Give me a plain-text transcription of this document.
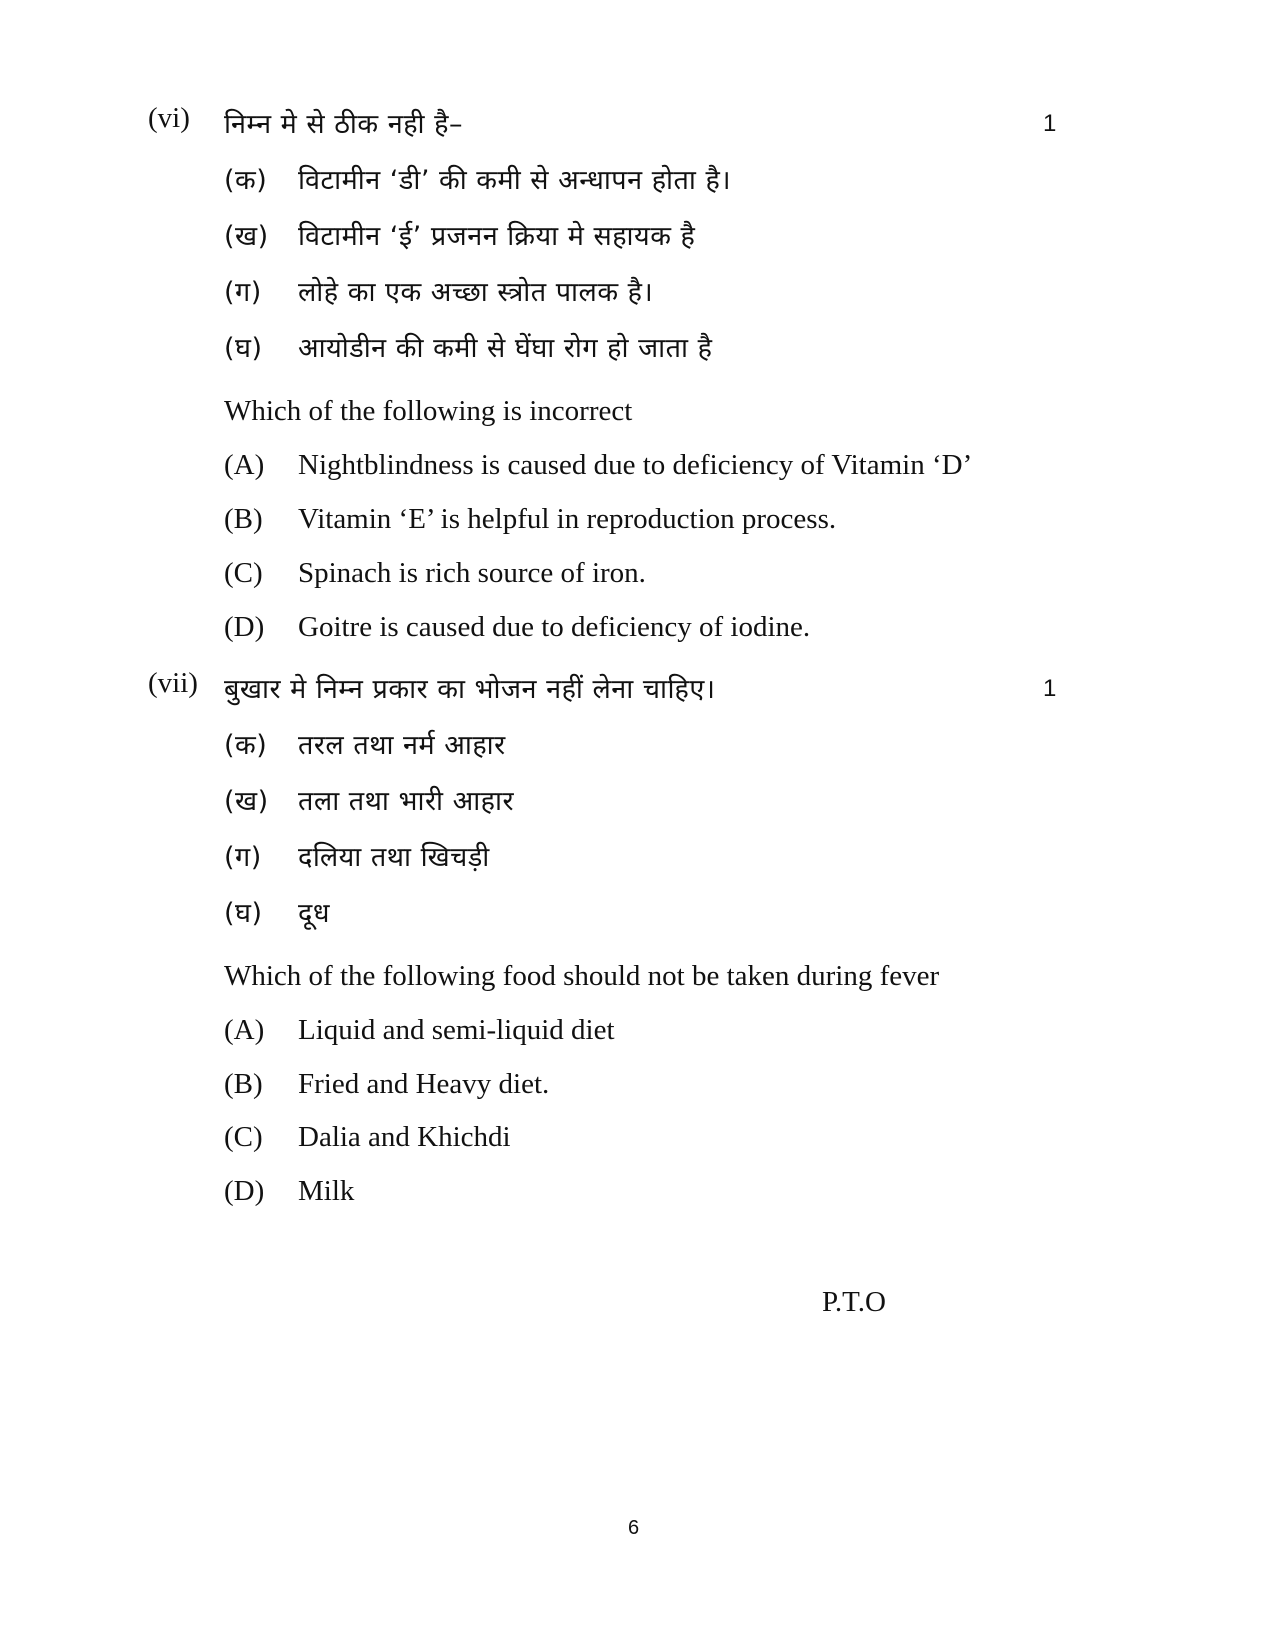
(vi) निम्न मे से ठीक नही है–	1
(क) विटामीन ‘डी’ की कमी से अन्धापन होता है।
(ख) विटामीन ‘ई’ प्रजनन क्रिया मे सहायक है
(ग) लोहे का एक अच्छा स्त्रोत पालक है।
(घ) आयोडीन की कमी से घेंघा रोग हो जाता है
Which of the following is incorrect
(A) Nightblindness is caused due to deficiency of Vitamin ‘D’
(B) Vitamin ‘E’ is helpful in reproduction process.
(C) Spinach is rich source of iron.
(D) Goitre is caused due to deficiency of iodine.
(vii) बुखार मे निम्न प्रकार का भोजन नहीं लेना चाहिए।	1
(क) तरल तथा नर्म आहार
(ख) तला तथा भारी आहार
(ग) दलिया तथा खिचड़ी
(घ) दूध
Which of the following food should not be taken during fever
(A) Liquid and semi-liquid diet
(B) Fried and Heavy diet.
(C) Dalia and Khichdi
(D) Milk
P.T.O
6
